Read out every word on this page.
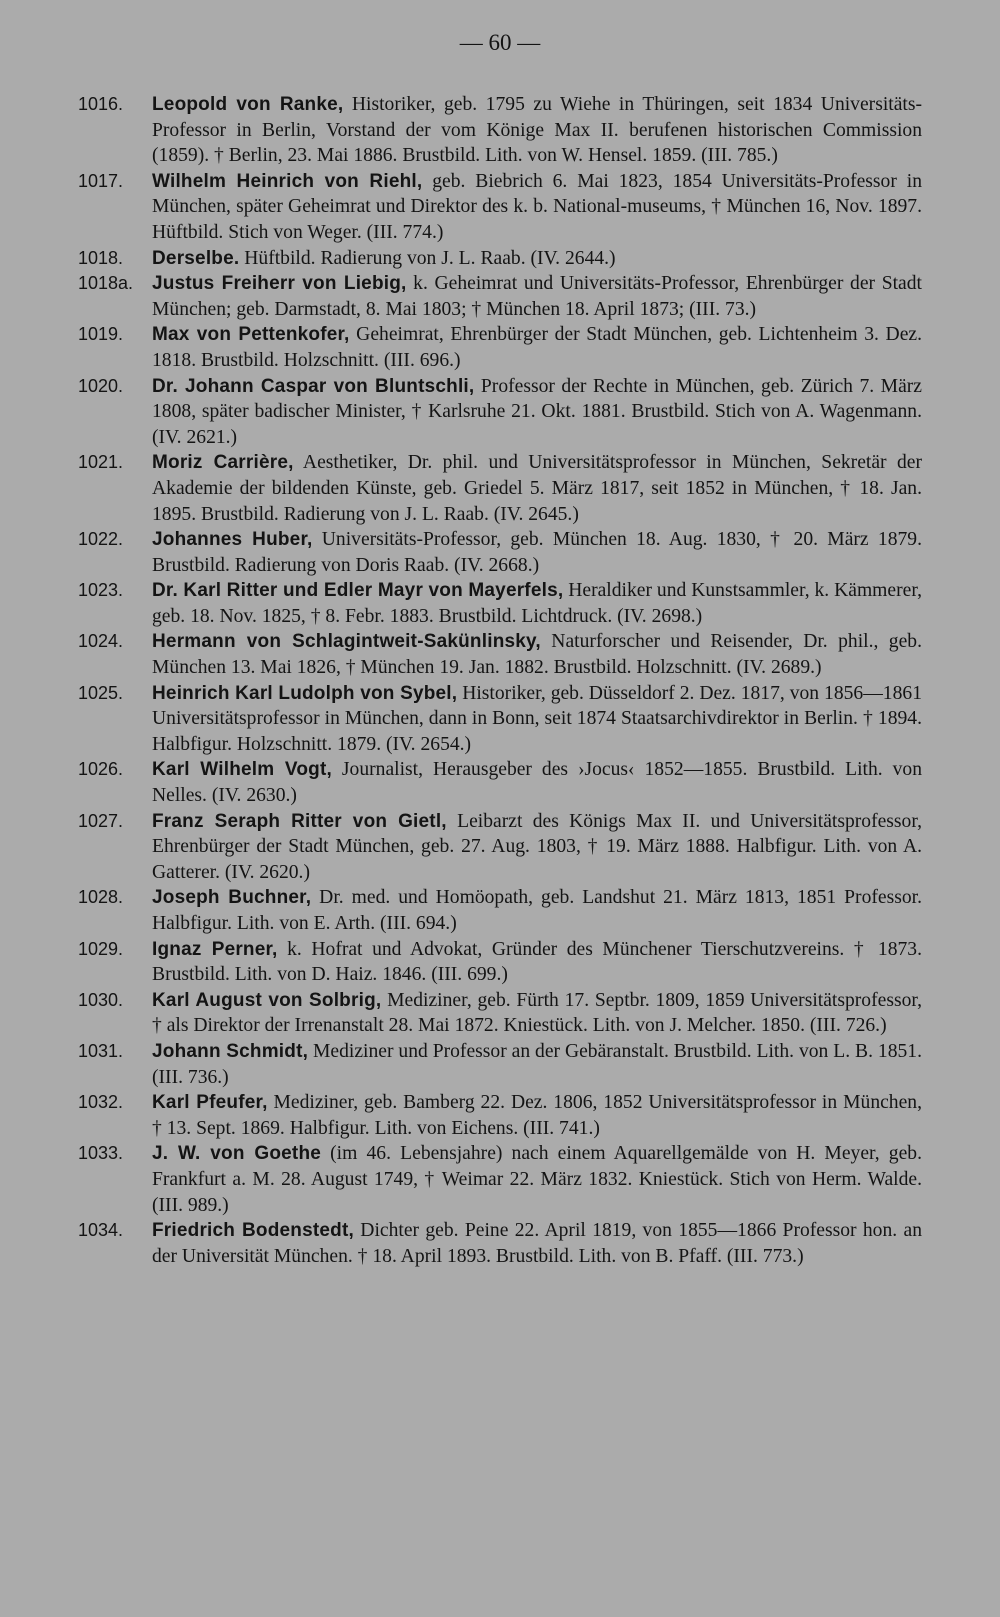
— 60 —
1016.	Leopold von Ranke, Historiker, geb. 1795 zu Wiehe in Thüringen, seit 1834 Universitäts-Professor in Berlin, Vorstand der vom Könige Max II. berufenen historischen Commission (1859). † Berlin, 23. Mai 1886. Brustbild. Lith. von W. Hensel. 1859. (III. 785.)
1017.	Wilhelm Heinrich von Riehl, geb. Biebrich 6. Mai 1823, 1854 Universitäts-Professor in München, später Geheimrat und Direktor des k. b. National-museums, † München 16, Nov. 1897. Hüftbild. Stich von Weger. (III. 774.)
1018.	Derselbe. Hüftbild. Radierung von J. L. Raab. (IV. 2644.)
1018a. Justus Freiherr von Liebig, k. Geheimrat und Universitäts-Professor, Ehrenbürger der Stadt München; geb. Darmstadt, 8. Mai 1803; † München 18. April 1873; (III. 73.)
1019.	Max von Pettenkofer, Geheimrat, Ehrenbürger der Stadt München, geb. Lichtenheim 3. Dez. 1818. Brustbild. Holzschnitt. (III. 696.)
1020.	Dr. Johann Caspar von Bluntschli, Professor der Rechte in München, geb. Zürich 7. März 1808, später badischer Minister, † Karlsruhe 21. Okt. 1881. Brustbild. Stich von A. Wagenmann. (IV. 2621.)
1021.	Moriz Carrière, Aesthetiker, Dr. phil. und Universitätsprofessor in München, Sekretär der Akademie der bildenden Künste, geb. Griedel 5. März 1817, seit 1852 in München, † 18. Jan. 1895. Brustbild. Radierung von J. L. Raab. (IV. 2645.)
1022.	Johannes Huber, Universitäts-Professor, geb. München 18. Aug. 1830, † 20. März 1879. Brustbild. Radierung von Doris Raab. (IV. 2668.)
1023.	Dr. Karl Ritter und Edler Mayr von Mayerfels, Heraldiker und Kunstsammler, k. Kämmerer, geb. 18. Nov. 1825, † 8. Febr. 1883. Brustbild. Lichtdruck. (IV. 2698.)
1024.	Hermann von Schlagintweit-Sakünlinsky, Naturforscher und Reisender, Dr. phil., geb. München 13. Mai 1826, † München 19. Jan. 1882. Brustbild. Holzschnitt. (IV. 2689.)
1025.	Heinrich Karl Ludolph von Sybel, Historiker, geb. Düsseldorf 2. Dez. 1817, von 1856—1861 Universitätsprofessor in München, dann in Bonn, seit 1874 Staatsarchivdirektor in Berlin. † 1894. Halbfigur. Holzschnitt. 1879. (IV. 2654.)
1026.	Karl Wilhelm Vogt, Journalist, Herausgeber des ›Jocus‹ 1852—1855. Brustbild. Lith. von Nelles. (IV. 2630.)
1027.	Franz Seraph Ritter von Gietl, Leibarzt des Königs Max II. und Universitätsprofessor, Ehrenbürger der Stadt München, geb. 27. Aug. 1803, † 19. März 1888. Halbfigur. Lith. von A. Gatterer. (IV. 2620.)
1028.	Joseph Buchner, Dr. med. und Homöopath, geb. Landshut 21. März 1813, 1851 Professor. Halbfigur. Lith. von E. Arth. (III. 694.)
1029.	Ignaz Perner, k. Hofrat und Advokat, Gründer des Münchener Tierschutzvereins. † 1873. Brustbild. Lith. von D. Haiz. 1846. (III. 699.)
1030.	Karl August von Solbrig, Mediziner, geb. Fürth 17. Septbr. 1809, 1859 Universitätsprofessor, † als Direktor der Irrenanstalt 28. Mai 1872. Kniestück. Lith. von J. Melcher. 1850. (III. 726.)
1031.	Johann Schmidt, Mediziner und Professor an der Gebäranstalt. Brustbild. Lith. von L. B. 1851. (III. 736.)
1032.	Karl Pfeufer, Mediziner, geb. Bamberg 22. Dez. 1806, 1852 Universitätsprofessor in München, † 13. Sept. 1869. Halbfigur. Lith. von Eichens. (III. 741.)
1033.	J. W. von Goethe (im 46. Lebensjahre) nach einem Aquarellgemälde von H. Meyer, geb. Frankfurt a. M. 28. August 1749, † Weimar 22. März 1832. Kniestück. Stich von Herm. Walde. (III. 989.)
1034.	Friedrich Bodenstedt, Dichter geb. Peine 22. April 1819, von 1855—1866 Professor hon. an der Universität München. † 18. April 1893. Brustbild. Lith. von B. Pfaff. (III. 773.)
